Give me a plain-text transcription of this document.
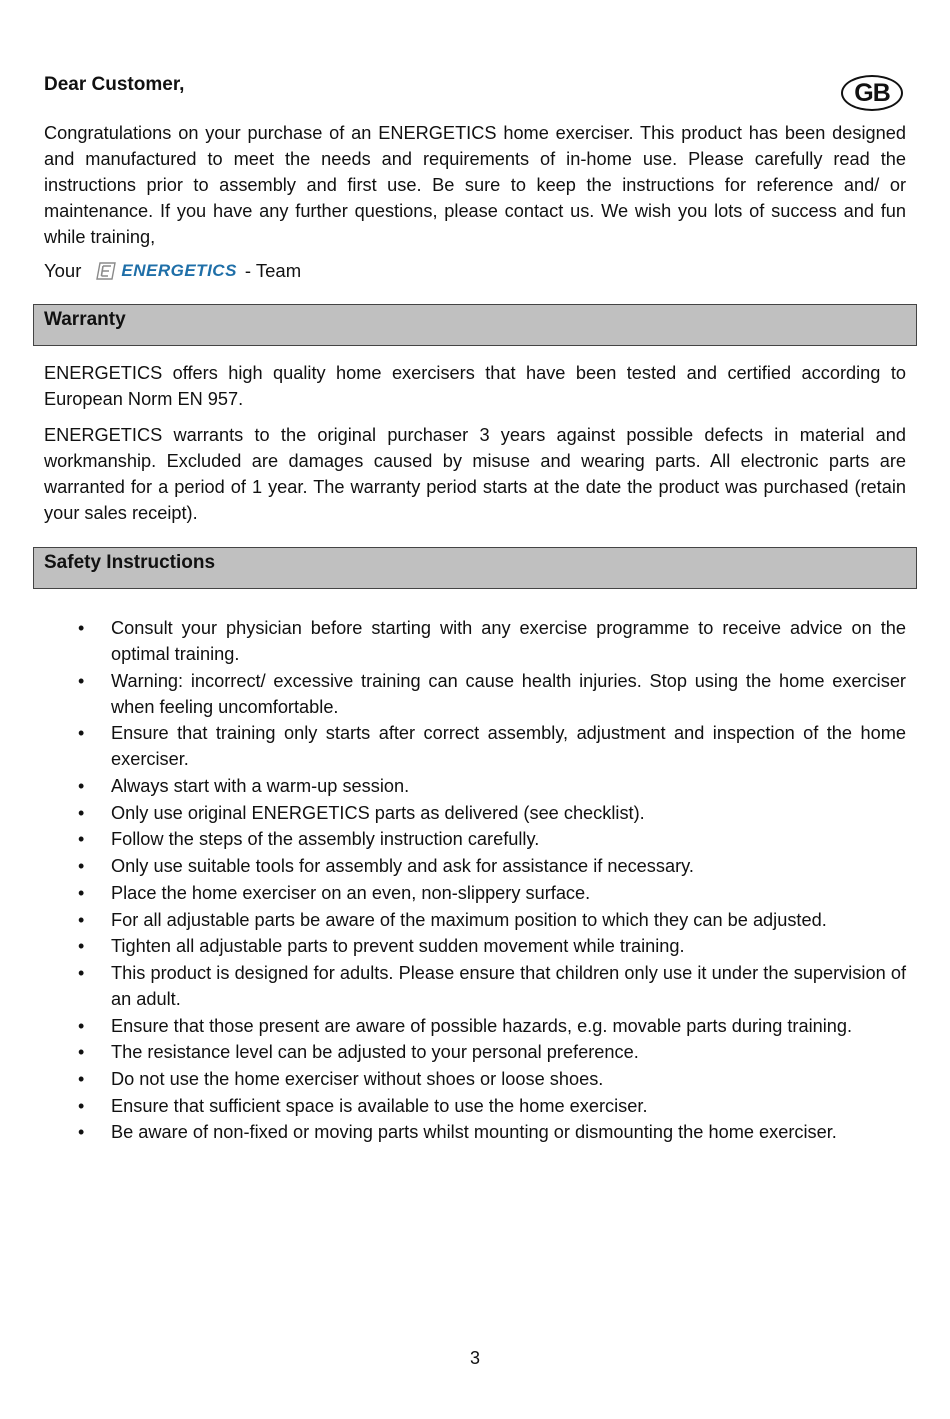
Dear Customer,	GB

Congratulations on your purchase of an ENERGETICS home exerciser. This product has been designed and manufactured to meet the needs and requirements of in-home use. Please carefully read the instructions prior to assembly and first use. Be sure to keep the instructions for reference and/ or maintenance. If you have any further questions, please contact us. We wish you lots of success and fun while training,

Your ENERGETICS - Team
Warranty

ENERGETICS offers high quality home exercisers that have been tested and certified according to European Norm EN 957.

ENERGETICS warrants to the original purchaser 3 years against possible defects in material and workmanship. Excluded are damages caused by misuse and wearing parts. All electronic parts are warranted for a period of 1 year. The warranty period starts at the date the product was purchased (retain your sales receipt).

Safety Instructions
• Consult your physician before starting with any exercise programme to receive advice on the optimal training.
• Warning: incorrect/ excessive training can cause health injuries. Stop using the home exerciser when feeling uncomfortable.
• Ensure that training only starts after correct assembly, adjustment and inspection of the home exerciser.
• Always start with a warm-up session.
• Only use original ENERGETICS parts as delivered (see checklist).
• Follow the steps of the assembly instruction carefully.
• Only use suitable tools for assembly and ask for assistance if necessary.
• Place the home exerciser on an even, non-slippery surface.
• For all adjustable parts be aware of the maximum position to which they can be adjusted.
• Tighten all adjustable parts to prevent sudden movement while training.
• This product is designed for adults. Please ensure that children only use it under the supervision of an adult.
• Ensure that those present are aware of possible hazards, e.g. movable parts during training.
• The resistance level can be adjusted to your personal preference.
• Do not use the home exerciser without shoes or loose shoes.
• Ensure that sufficient space is available to use the home exerciser.
• Be aware of non-fixed or moving parts whilst mounting or dismounting the home exerciser.
3
